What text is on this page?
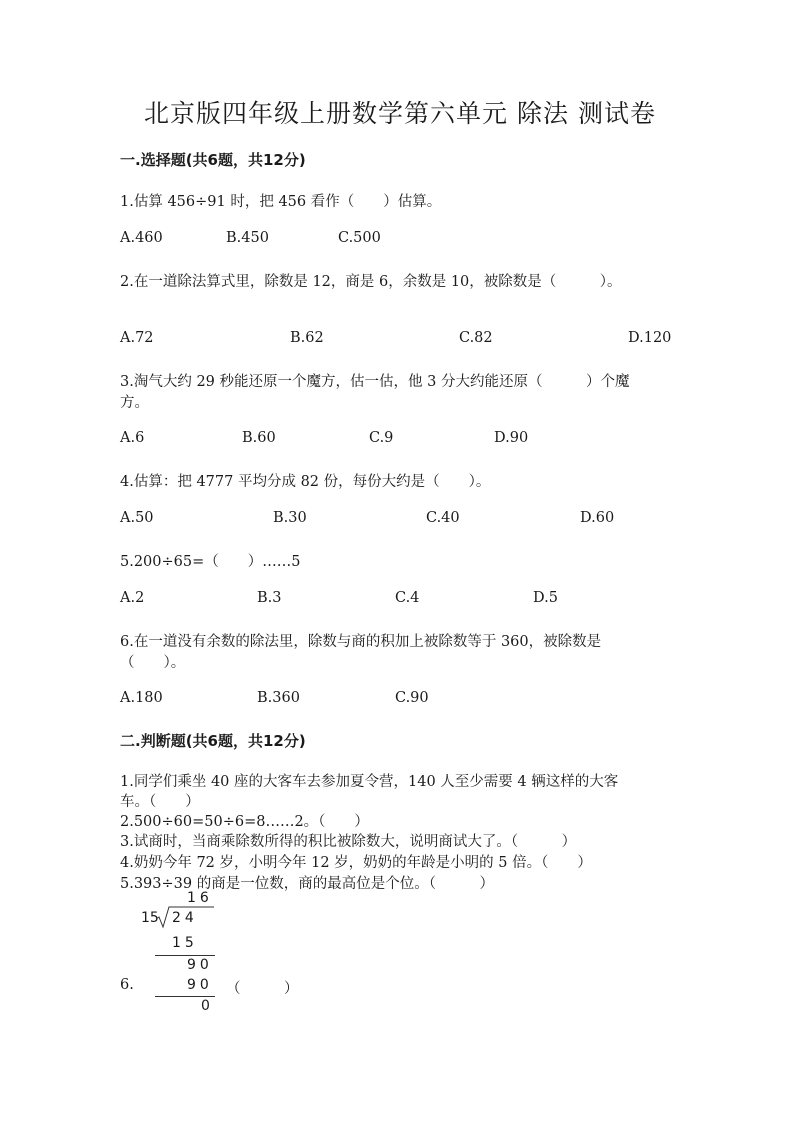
北京版四年级上册数学第六单元 除法 测试卷
一.选择题(共6题，共12分)
1.估算 456÷91 时，把 456 看作（　　）估算。
A.460	B.450	C.500
2.在一道除法算式里，除数是 12，商是 6，余数是 10，被除数是（　　　）。
A.72	B.62	C.82	D.120
3.淘气大约 29 秒能还原一个魔方，估一估，他 3 分大约能还原（　　　）个魔
方。
A.6	B.60	C.9	D.90
4.估算：把 4777 平均分成 82 份，每份大约是（　　）。
A.50	B.30	C.40	D.60
5.200÷65=（　　）……5
A.2	B.3	C.4	D.5
6.在一道没有余数的除法里，除数与商的积加上被除数等于 360，被除数是
（　　）。
A.180	B.360	C.90
二.判断题(共6题，共12分)
1.同学们乘坐 40 座的大客车去参加夏令营，140 人至少需要 4 辆这样的大客
车。（　　）
2.500÷60=50÷6=8……2。（　　）
3.试商时，当商乘除数所得的积比被除数大，说明商试大了。（　　　）
4.奶奶今年 72 岁，小明今年 12 岁，奶奶的年龄是小明的 5 倍。（　　）
5.393÷39 的商是一位数，商的最高位是个位。（　　　）
16
15 24
15
90
90
0
6.	（　　　）
